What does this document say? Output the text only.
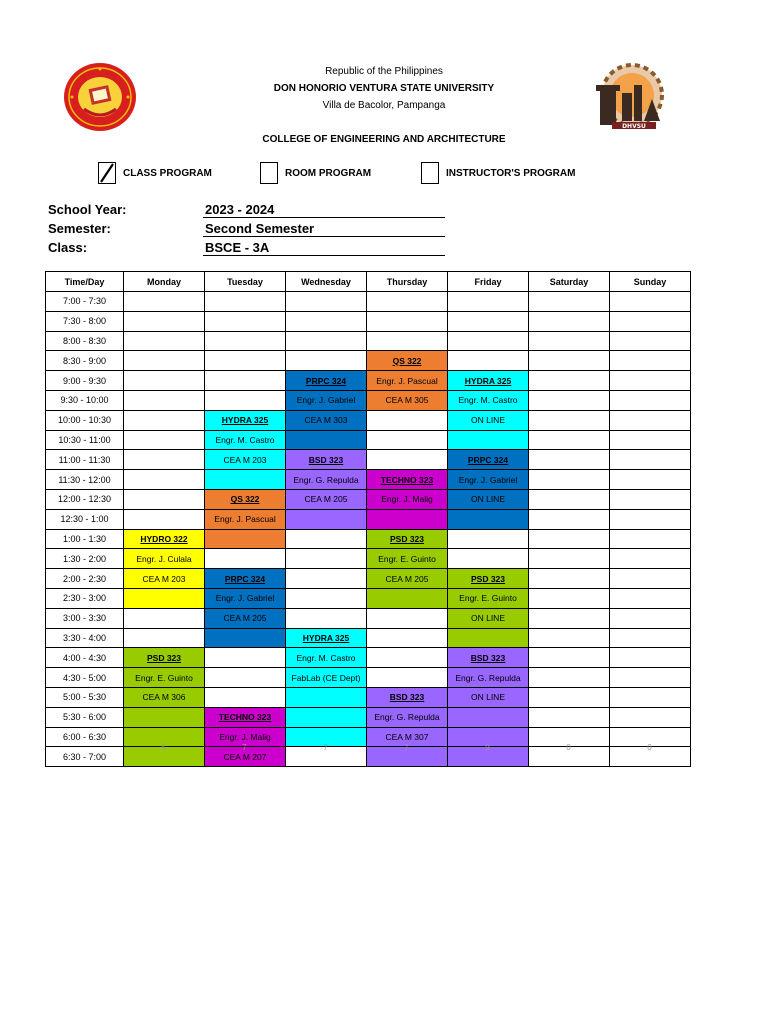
DHVSU
Republic of the Philippines
DON HONORIO VENTURA STATE UNIVERSITY
Villa de Bacolor, Pampanga
COLLEGE OF ENGINEERING AND ARCHITECTURE
CLASS PROGRAM	ROOM PROGRAM	INSTRUCTOR'S PROGRAM
School Year:	2023 - 2024
Semester:	Second Semester
Class:	BSCE - 3A
Time/Day	Monday	Tuesday	Wednesday	Thursday	Friday	Saturday	Sunday
7:00 - 7:30							
7:30 - 8:00							
8:00 - 8:30							
8:30 - 9:00				QS 322			
9:00 - 9:30			PRPC 324	Engr. J. Pascual	HYDRA 325		
9:30 - 10:00			Engr. J. Gabriel	CEA M 305	Engr. M. Castro		
10:00 - 10:30		HYDRA 325	CEA M 303		ON LINE		
10:30 - 11:00		Engr. M. Castro					
11:00 - 11:30		CEA M 203	BSD 323		PRPC 324		
11:30 - 12:00			Engr. G. Repulda	TECHNO 323	Engr. J. Gabriel		
12:00 - 12:30		QS 322	CEA M 205	Engr. J. Malig	ON LINE		
12:30 - 1:00		Engr. J. Pascual					
1:00 - 1:30	HYDRO 322			PSD 323			
1:30 - 2:00	Engr. J. Culala			Engr. E. Guinto			
2:00 - 2:30	CEA M 203	PRPC 324		CEA M 205	PSD 323		
2:30 - 3:00		Engr. J. Gabriel			Engr. E. Guinto		
3:00 - 3:30		CEA M 205			ON LINE		
3:30 - 4:00			HYDRA 325				
4:00 - 4:30	PSD 323		Engr. M. Castro		BSD 323		
4:30 - 5:00	Engr. E. Guinto		FabLab (CE Dept)		Engr. G. Repulda		
5:00 - 5:30	CEA M 306			BSD 323	ON LINE		
5:30 - 6:00		TECHNO 323		Engr. G. Repulda			
6:00 - 6:30		Engr. J. Malig		CEA M 307			
6:30 - 7:00		CEA M 207					
5	7	7	7	9	0	0
